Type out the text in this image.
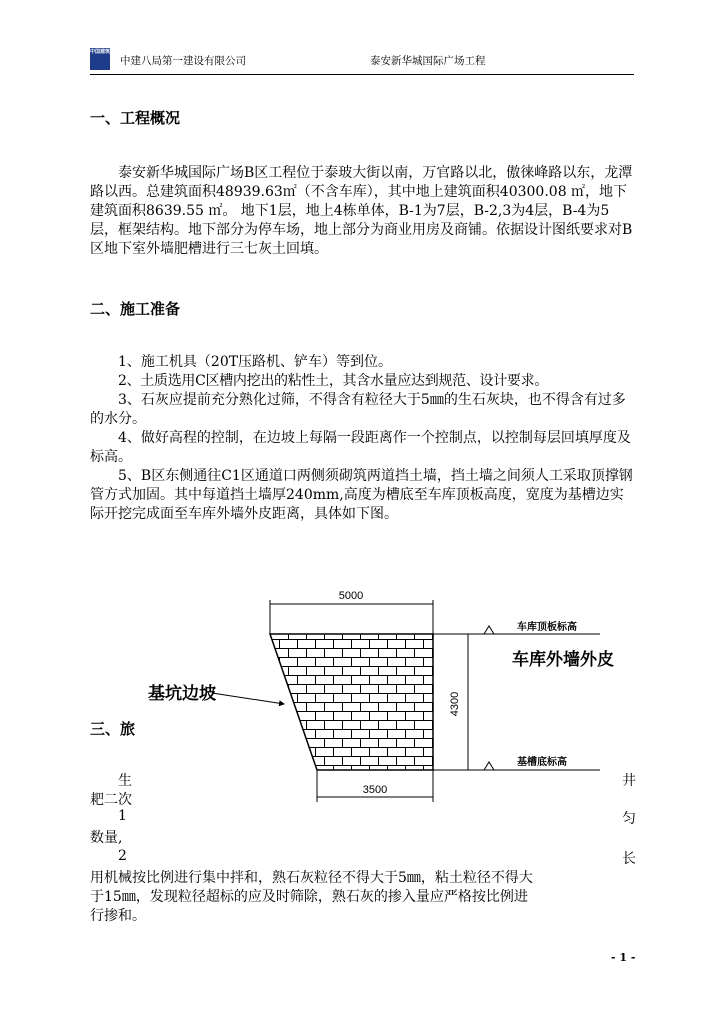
中国建筑
中建八局第一建设有限公司	泰安新华城国际广场工程
一、工程概况

泰安新华城国际广场B区工程位于泰玻大街以南，万官路以北，傲徕峰路以东，龙潭路以西。总建筑面积48939.63㎡（不含车库），其中地上建筑面积40300.08 ㎡，地下建筑面积8639.55 ㎡。 地下1层，地上4栋单体，B-1为7层，B-2,3为4层，B-4为5层，框架结构。地下部分为停车场，地上部分为商业用房及商铺。依据设计图纸要求对B区地下室外墙肥槽进行三七灰土回填。

二、施工准备

1、施工机具（20T压路机、铲车）等到位。

2、土质选用C区槽内挖出的粘性土，其含水量应达到规范、设计要求。

3、石灰应提前充分熟化过筛，不得含有粒径大于5㎜的生石灰块，也不得含有过多的水分。

4、做好高程的控制，在边坡上每隔一段距离作一个控制点，以控制每层回填厚度及标高。

5、B区东侧通往C1区通道口两侧须砌筑两道挡土墙，挡土墙之间须人工采取顶撑钢管方式加固。其中每道挡土墙厚240mm,高度为槽底至车库顶板高度，宽度为基槽边实际开挖完成面至车库外墙外皮距离，具体如下图。

三、旅
生	井
耙二次
1	匀
数量,
2	长
用机械按比例进行集中拌和，熟石灰粒径不得大于5㎜，粘土粒径不得大
于15㎜，发现粒径超标的应及时筛除，熟石灰的掺入量应严格按比例进
行掺和。
5000
3500
4300
车库顶板标高
车库外墙外皮
基槽底标高
基坑边坡
- 1 -
